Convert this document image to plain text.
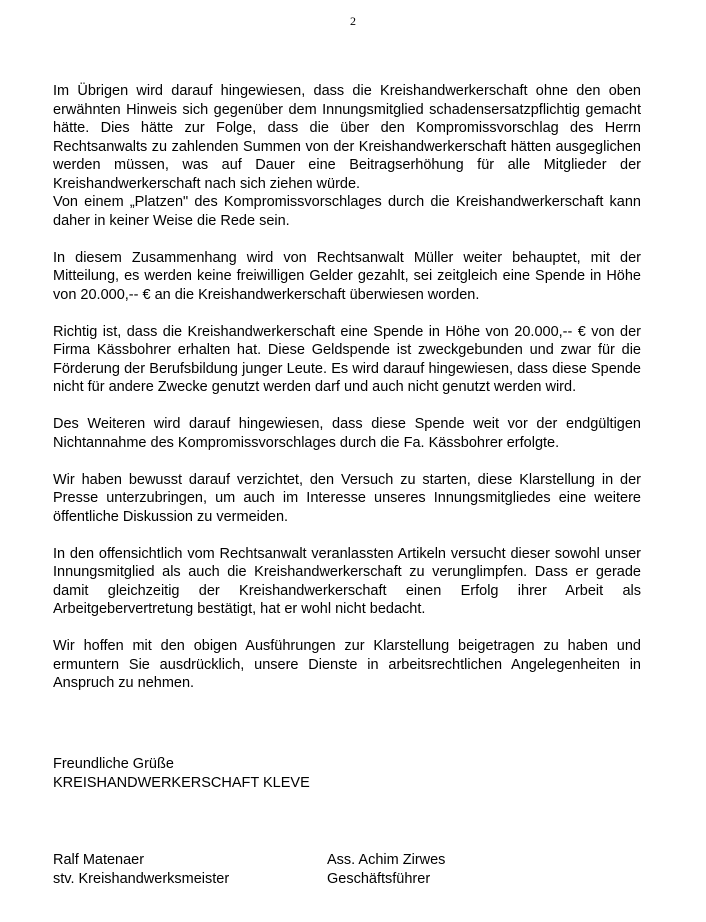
2

Im Übrigen wird darauf hingewiesen, dass die Kreishandwerkerschaft ohne den oben erwähnten Hinweis sich gegenüber dem Innungsmitglied schadensersatzpflichtig gemacht hätte. Dies hätte zur Folge, dass die über den Kompromissvorschlag des Herrn Rechtsanwalts zu zahlenden Summen von der Kreishandwerkerschaft hätten ausgeglichen werden müssen, was auf Dauer eine Beitragserhöhung für alle Mitglieder der Kreishandwerkerschaft nach sich ziehen würde.

Von einem „Platzen" des Kompromissvorschlages durch die Kreishandwerkerschaft kann daher in keiner Weise die Rede sein.

In diesem Zusammenhang wird von Rechtsanwalt Müller weiter behauptet, mit der Mitteilung, es werden keine freiwilligen Gelder gezahlt, sei zeitgleich eine Spende in Höhe von 20.000,-- € an die Kreishandwerkerschaft überwiesen worden.

Richtig ist, dass die Kreishandwerkerschaft eine Spende in Höhe von 20.000,-- € von der Firma Kässbohrer erhalten hat. Diese Geldspende ist zweckgebunden und zwar für die Förderung der Berufsbildung junger Leute. Es wird darauf hingewiesen, dass diese Spende nicht für andere Zwecke genutzt werden darf und auch nicht genutzt werden wird.

Des Weiteren wird darauf hingewiesen, dass diese Spende weit vor der endgültigen Nichtannahme des Kompromissvorschlages durch die Fa. Kässbohrer erfolgte.

Wir haben bewusst darauf verzichtet, den Versuch zu starten, diese Klarstellung in der Presse unterzubringen, um auch im Interesse unseres Innungsmitgliedes eine weitere öffentliche Diskussion zu vermeiden.

In den offensichtlich vom Rechtsanwalt veranlassten Artikeln versucht dieser sowohl unser Innungsmitglied als auch die Kreishandwerkerschaft zu verunglimpfen. Dass er gerade damit gleichzeitig der Kreishandwerkerschaft einen Erfolg ihrer Arbeit als Arbeitgebervertretung bestätigt, hat er wohl nicht bedacht.

Wir hoffen mit den obigen Ausführungen zur Klarstellung beigetragen zu haben und ermuntern Sie ausdrücklich, unsere Dienste in arbeitsrechtlichen Angelegenheiten in Anspruch zu nehmen.

Freundliche Grüße
KREISHANDWERKERSCHAFT KLEVE
Ralf Matenaer
stv. Kreishandwerksmeister
Ass. Achim Zirwes
Geschäftsführer
